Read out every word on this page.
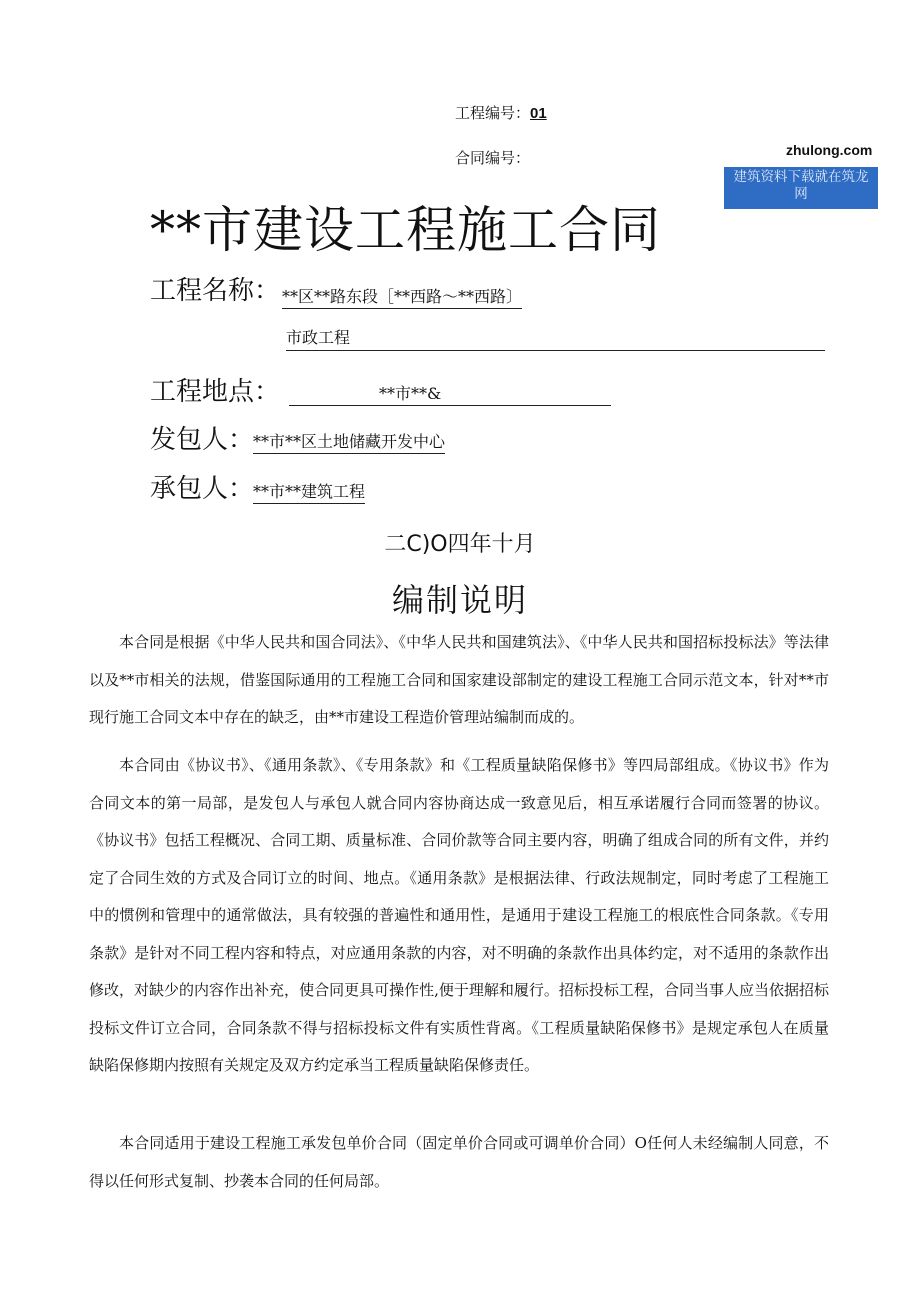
工程编号：01
合同编号：	zhulong.com
建筑资料下载就在筑龙网
**市建设工程施工合同
工程名称： **区**路东段［**西路～**西路〕
市政工程
工程地点：	**市**&
发包人：
**市**区土地储藏开发中心
承包人：
**市**建筑工程
二C)O四年十月
编制说明

本合同是根据《中华人民共和国合同法》、《中华人民共和国建筑法》、《中华人民共和国招标投标法》等法律以及**市相关的法规，借鉴国际通用的工程施工合同和国家建设部制定的建设工程施工合同示范文本，针对**市现行施工合同文本中存在的缺乏，由**市建设工程造价管理站编制而成的。

本合同由《协议书》、《通用条款》、《专用条款》和《工程质量缺陷保修书》等四局部组成。《协议书》作为合同文本的第一局部，是发包人与承包人就合同内容协商达成一致意见后，相互承诺履行合同而签署的协议。《协议书》包括工程概况、合同工期、质量标准、合同价款等合同主要内容，明确了组成合同的所有文件，并约定了合同生效的方式及合同订立的时间、地点。《通用条款》是根据法律、行政法规制定，同时考虑了工程施工中的惯例和管理中的通常做法，具有较强的普遍性和通用性，是通用于建设工程施工的根底性合同条款。《专用条款》是针对不同工程内容和特点，对应通用条款的内容，对不明确的条款作出具体约定，对不适用的条款作出修改，对缺少的内容作出补充，使合同更具可操作性,便于理解和履行。招标投标工程，合同当事人应当依据招标投标文件订立合同，合同条款不得与招标投标文件有实质性背离。《工程质量缺陷保修书》是规定承包人在质量缺陷保修期内按照有关规定及双方约定承当工程质量缺陷保修责任。

本合同适用于建设工程施工承发包单价合同（固定单价合同或可调单价合同）O任何人未经编制人同意，不得以任何形式复制、抄袭本合同的任何局部。
